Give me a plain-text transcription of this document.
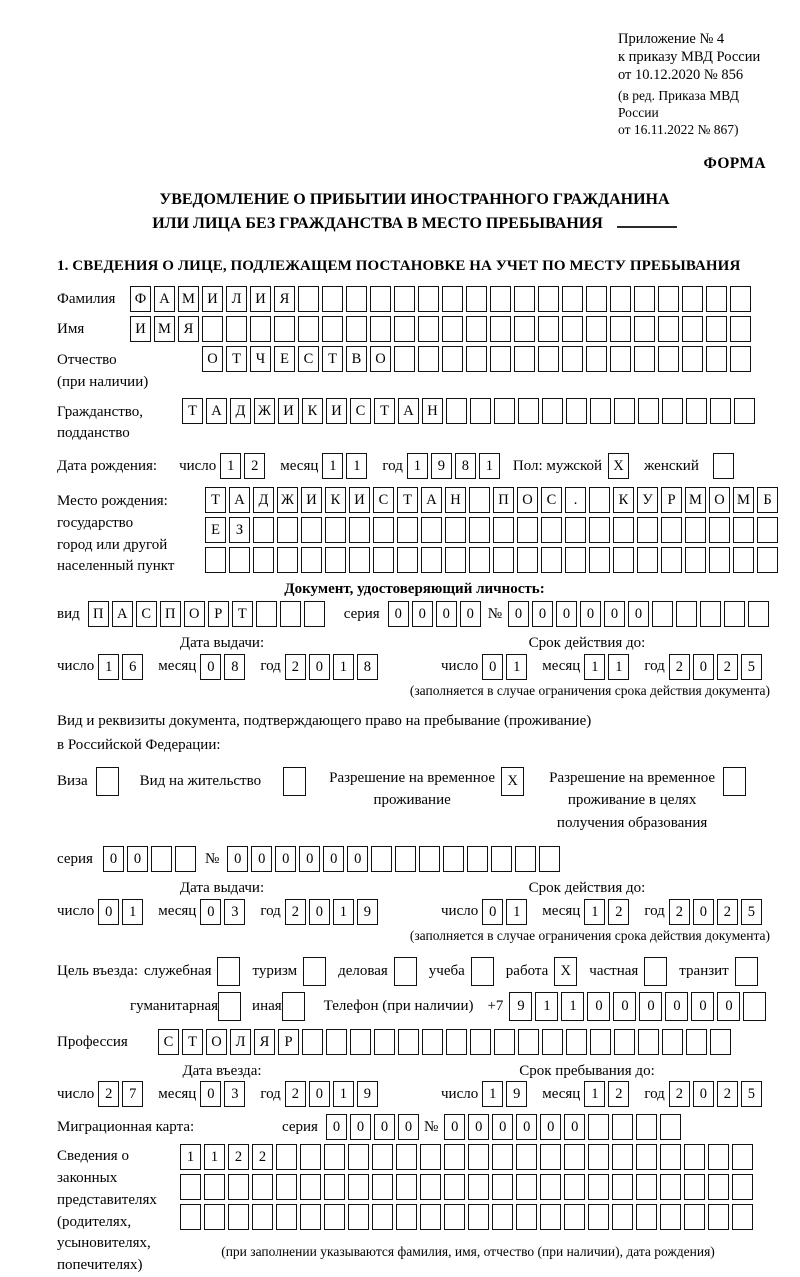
Приложение № 4
к приказу МВД России
от 10.12.2020 № 856
(в ред. Приказа МВД России
от 16.11.2022 № 867)
ФОРМА
УВЕДОМЛЕНИЕ О ПРИБЫТИИ ИНОСТРАННОГО ГРАЖДАНИНА
ИЛИ ЛИЦА БЕЗ ГРАЖДАНСТВА В МЕСТО ПРЕБЫВАНИЯ
1. СВЕДЕНИЯ О ЛИЦЕ, ПОДЛЕЖАЩЕМ ПОСТАНОВКЕ НА УЧЕТ ПО МЕСТУ ПРЕБЫВАНИЯ
Фамилия	Ф А М И Л И Я
Имя	И М Я
Отчество
(при наличии)
О Т	Ч	Е	С	Т	В О
Гражданство,
подданство
Т А Д Ж И К И С	Т А Н
Дата рождения: число 1	2	месяц 1	1	год 1	9	8	1	Пол: мужской X	женский
Место рождения:
государство
город или другой
населенный пункт
Т А Д Ж И К И С	Т А Н	П О С	.	К У	Р М О М Б
Е	З
Документ, удостоверяющий личность:
вид П А С П О	Р	Т	серия	0	0	0	0 № 0	0	0	0	0	0
Дата выдачи:	Срок действия до:
число 1	6	месяц 0	8	год 2	0	1	8	число 0	1	месяц 1	1	год 2	0	2	5
(заполняется в случае ограничения срока действия документа)
Вид и реквизиты документа, подтверждающего право на пребывание (проживание)
в Российской Федерации:
Виза	Вид на жительство	Разрешение на временное проживание
X	Разрешение на временное проживание в целях получения образования
серия	0	0	№	0	0	0	0	0	0
Дата выдачи:	Срок действия до:
число 0	1	месяц 0	3	год 2	0	1	9	число 0	1	месяц 1	2	год 2	0	2	5
(заполняется в случае ограничения срока действия документа)
Цель въезда: служебная	туризм	деловая	учеба	работа X	частная	транзит
гуманитарная иная	Телефон (при наличии) +7 9	1	1	0	0	0	0	0	0
Профессия	С	Т О Л Я	Р
Дата въезда:	Срок пребывания до:
число 2	7	месяц 0	3	год 2	0	1	9	число 1	9	месяц 1	2	год 2	0	2	5
Миграционная карта:	серия	0	0	0	0 № 0	0	0	0	0	0
Сведения о
законных
представителях
(родителях,
усыновителях,
попечителях)
1	1	2	2
(при заполнении указываются фамилия, имя, отчество (при наличии), дата рождения)
